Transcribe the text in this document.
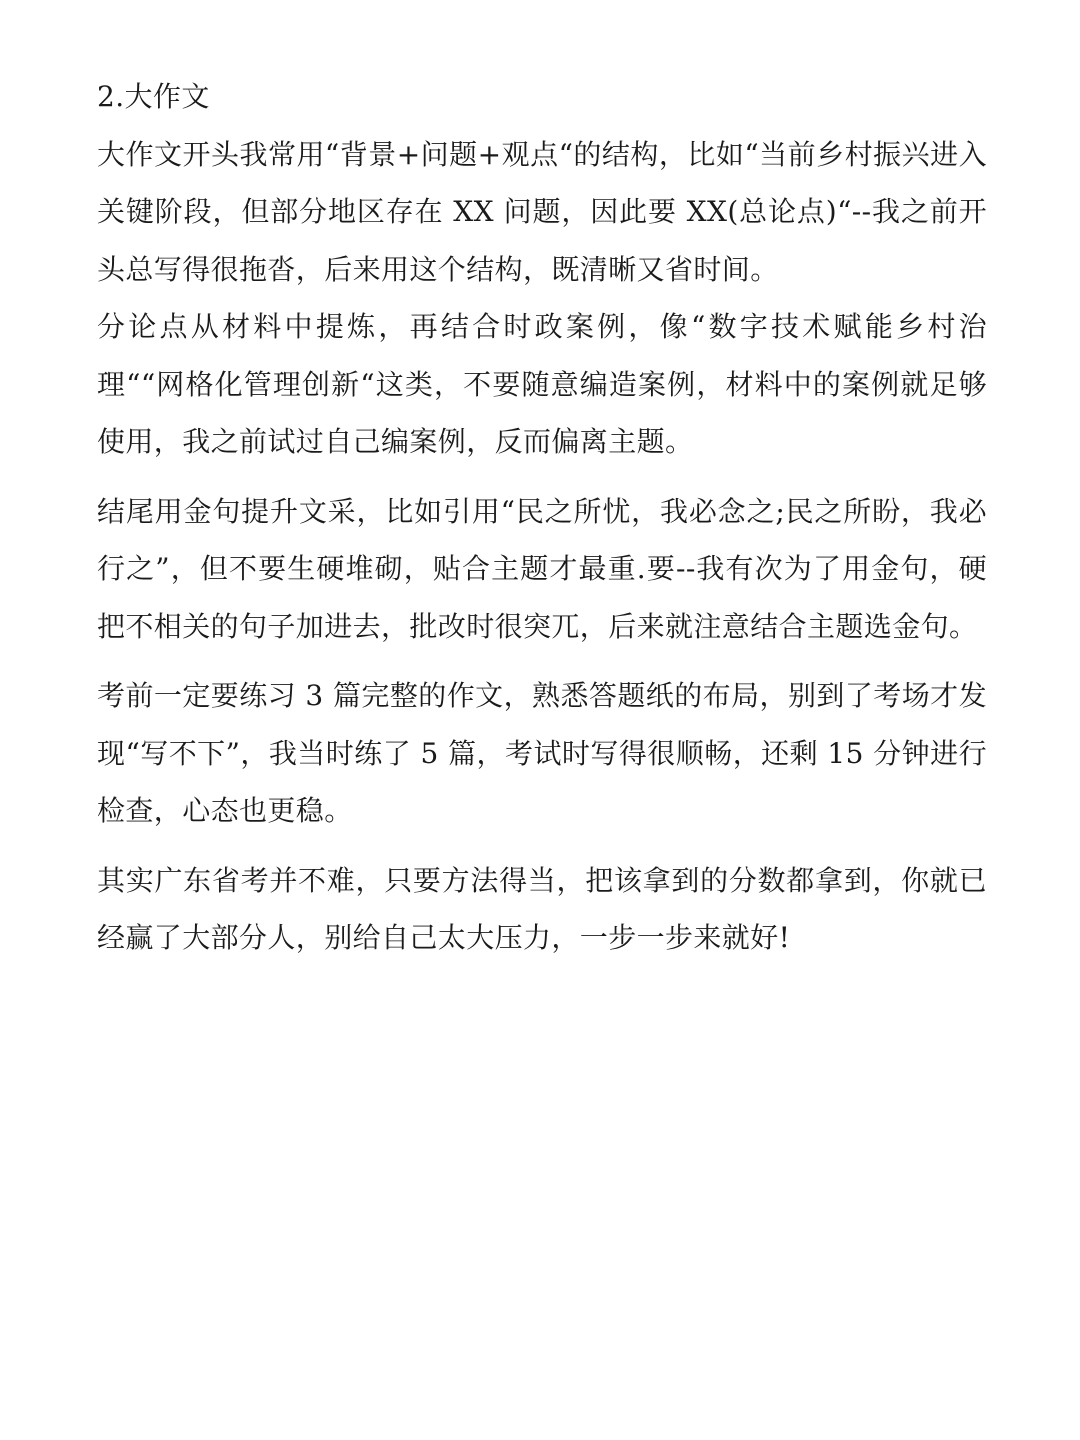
2.大作文

大作文开头我常用“背景+问题+观点“的结构，比如“当前乡村振兴进入关键阶段，但部分地区存在 XX 问题，因此要 XX(总论点)“--我之前开头总写得很拖沓，后来用这个结构，既清晰又省时间。

分论点从材料中提炼，再结合时政案例，像“数字技术赋能乡村治理““网格化管理创新“这类，不要随意编造案例，材料中的案例就足够使用，我之前试过自己编案例，反而偏离主题。

结尾用金句提升文采，比如引用“民之所忧，我必念之;民之所盼，我必行之”，但不要生硬堆砌，贴合主题才最重.要--我有次为了用金句，硬把不相关的句子加进去，批改时很突兀，后来就注意结合主题选金句。

考前一定要练习 3 篇完整的作文，熟悉答题纸的布局，别到了考场才发现“写不下”，我当时练了 5 篇，考试时写得很顺畅，还剩 15 分钟进行检查，心态也更稳。

其实广东省考并不难，只要方法得当，把该拿到的分数都拿到，你就已经赢了大部分人，别给自己太大压力，一步一步来就好!
